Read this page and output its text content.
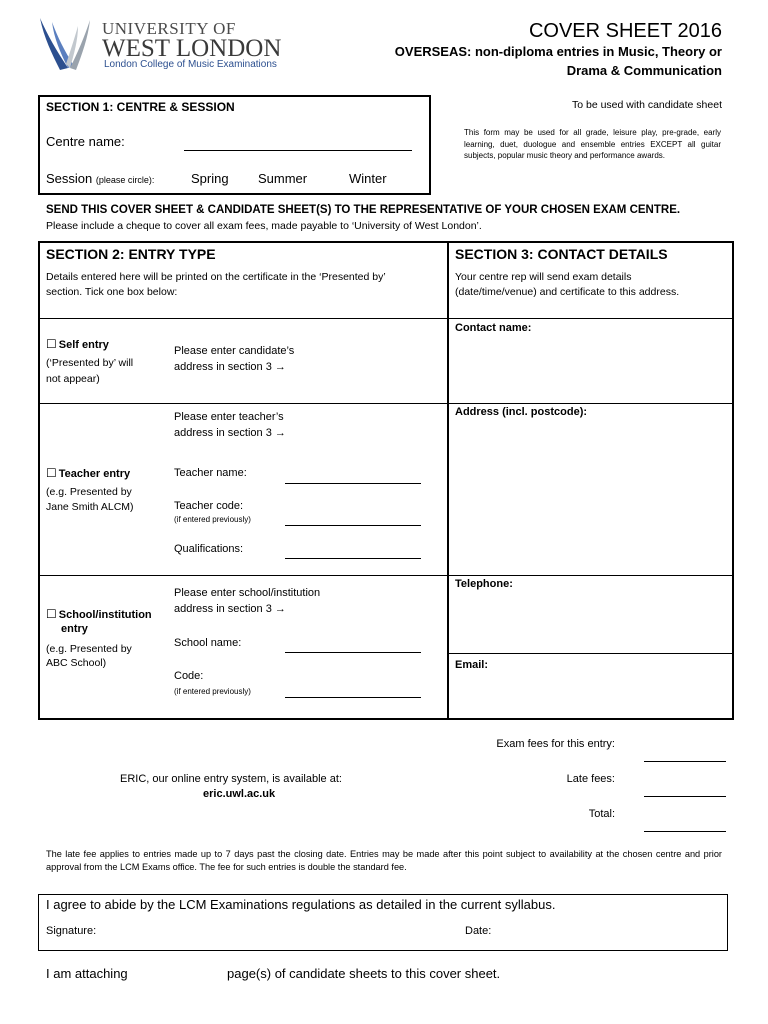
UNIVERSITY OF
WEST LONDON
London College of Music Examinations
COVER SHEET 2016
OVERSEAS: non-diploma entries in Music, Theory or
Drama & Communication
SECTION 1: CENTRE & SESSION
Centre name:
Session (please circle):	Spring Summer	Winter
To be used with candidate sheet
This form may be used for all grade, leisure play, pre-grade, early learning, duet, duologue and ensemble entries EXCEPT all guitar subjects, popular music theory and performance awards.
SEND THIS COVER SHEET & CANDIDATE SHEET(S) TO THE REPRESENTATIVE OF YOUR CHOSEN EXAM CENTRE.
Please include a cheque to cover all exam fees, made payable to ‘University of West London’.
SECTION 2: ENTRY TYPE
Details entered here will be printed on the certificate in the ‘Presented by’
section. Tick one box below:
☐ Self entry
(‘Presented by’ will
not appear)
Please enter candidate’s
address in section 3 →
Please enter teacher’s
address in section 3 →
☐ Teacher entry
(e.g. Presented by
Jane Smith ALCM)
Teacher name:
Teacher code:
(if entered previously)
Qualifications:
Please enter school/institution
address in section 3 →
☐ School/institution
entry
(e.g. Presented by
ABC School)
School name:
Code:
(if entered previously)
SECTION 3: CONTACT DETAILS
Your centre rep will send exam details
(date/time/venue) and certificate to this address.
Contact name:
Address (incl. postcode):
Telephone:
Email:
Exam fees for this entry:
Late fees:
Total:
ERIC, our online entry system, is available at:
eric.uwl.ac.uk
The late fee applies to entries made up to 7 days past the closing date. Entries may be made after this point subject to availability at the chosen centre and prior approval from the LCM Exams office. The fee for such entries is double the standard fee.
I agree to abide by the LCM Examinations regulations as detailed in the current syllabus.
Signature:	Date:
I am attaching	page(s) of candidate sheets to this cover sheet.
